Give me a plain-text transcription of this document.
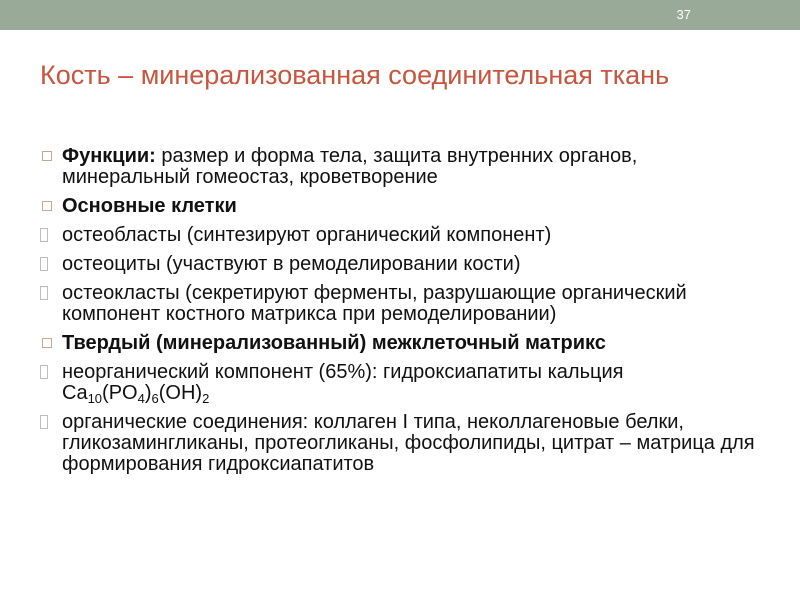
37
Кость – минерализованная соединительная ткань
Функции: размер и форма тела, защита внутренних органов, минеральный гомеостаз, кроветворение
Основные клетки
остеобласты (синтезируют органический компонент)
остеоциты (участвуют в ремоделировании кости)
остеокласты (секретируют ферменты, разрушающие органический компонент костного матрикса при ремоделировании)
Твердый (минерализованный) межклеточный матрикс
неорганический компонент (65%): гидроксиапатиты кальция $Ca_{10}(PO_4)_6(OH)_2$
органические соединения: коллаген I типа, неколлагеновые белки, гликозамингликаны, протеогликаны, фосфолипиды, цитрат – матрица для формирования гидроксиапатитов
